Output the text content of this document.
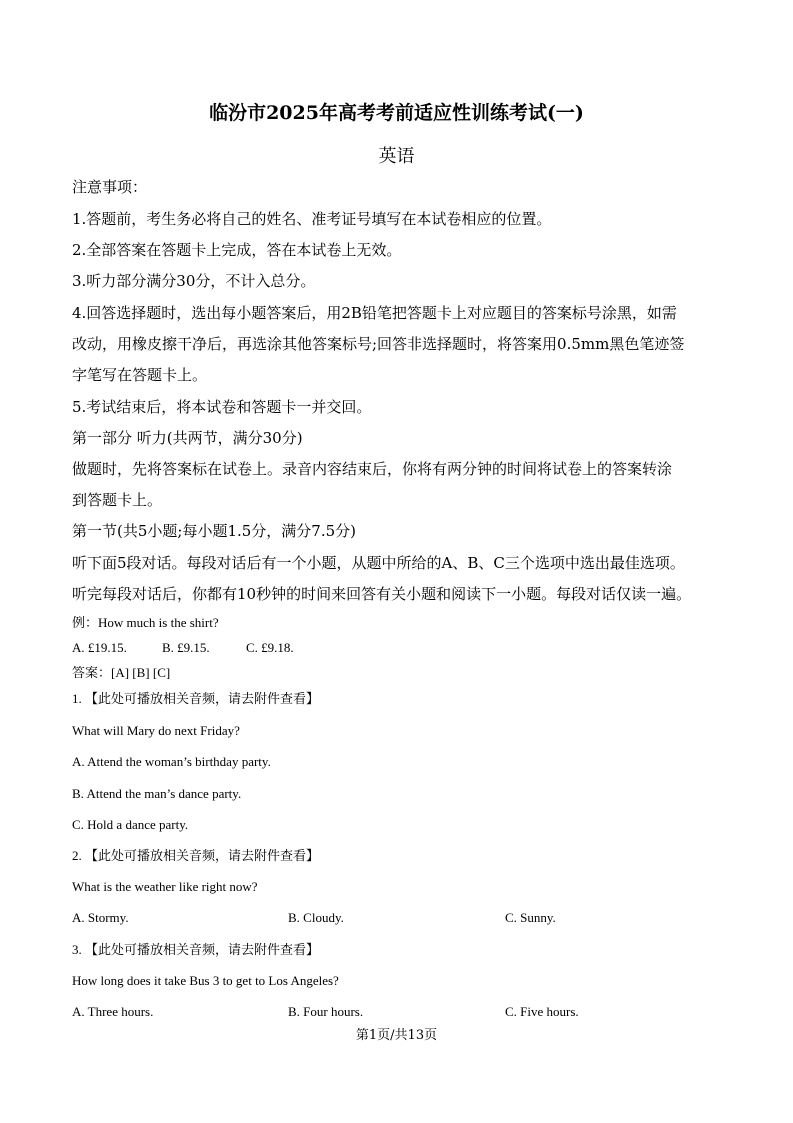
临汾市2025年高考考前适应性训练考试(一)
英语
注意事项：
1.答题前，考生务必将自己的姓名、准考证号填写在本试卷相应的位置。
2.全部答案在答题卡上完成，答在本试卷上无效。
3.听力部分满分30分，不计入总分。
4.回答选择题时，选出每小题答案后，用2B铅笔把答题卡上对应题目的答案标号涂黑，如需
改动，用橡皮擦干净后，再选涂其他答案标号;回答非选择题时，将答案用0.5mm黑色笔迹签
字笔写在答题卡上。
5.考试结束后，将本试卷和答题卡一并交回。
第一部分 听力(共两节，满分30分)
做题时，先将答案标在试卷上。录音内容结束后，你将有两分钟的时间将试卷上的答案转涂
到答题卡上。
第一节(共5小题;每小题1.5分，满分7.5分)
听下面5段对话。每段对话后有一个小题，从题中所给的A、B、C三个选项中选出最佳选项。
听完每段对话后，你都有10秒钟的时间来回答有关小题和阅读下一小题。每段对话仅读一遍。
例：How much is the shirt?
A. £19.15.	B. £9.15.	C. £9.18.
答案：[A] [B] [C]
1. 【此处可播放相关音频，请去附件查看】
What will Mary do next Friday?
A. Attend the woman’s birthday party.
B. Attend the man’s dance party.
C. Hold a dance party.
2. 【此处可播放相关音频，请去附件查看】
What is the weather like right now?
A. Stormy.	B. Cloudy.	C. Sunny.
3. 【此处可播放相关音频，请去附件查看】
How long does it take Bus 3 to get to Los Angeles?
A. Three hours.	B. Four hours.	C. Five hours.
第1页/共13页
